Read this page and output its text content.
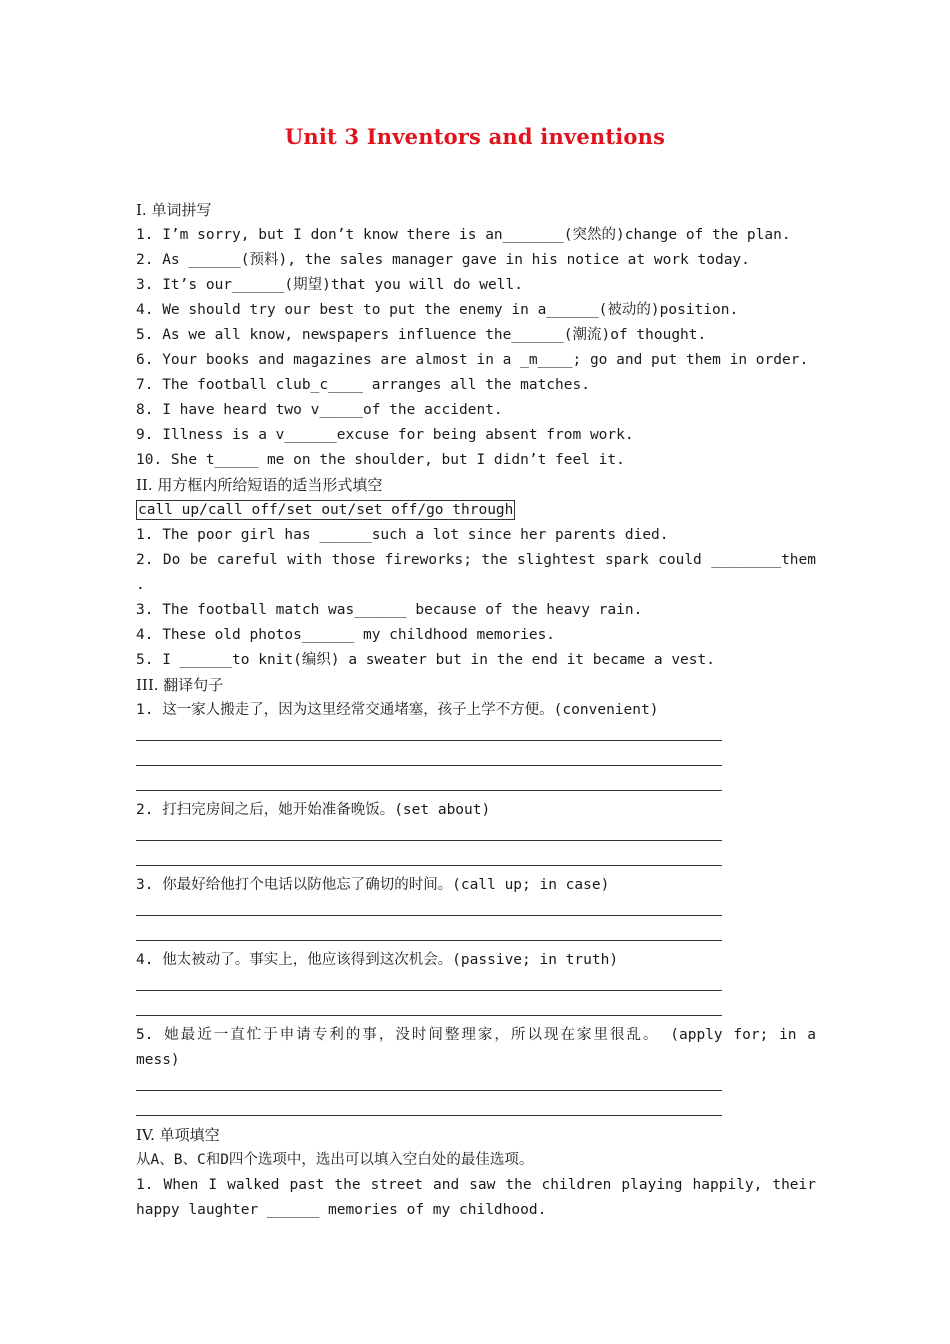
Unit 3 Inventors and inventions
I. 单词拼写
1. I’m sorry, but I don’t know there is an_______(突然的)change of the plan.
2. As ______(预料), the sales manager gave in his notice at work today.
3. It’s our______(期望)that you will do well.
4. We should try our best to put the enemy in a______(被动的)position.
5. As we all know, newspapers influence the______(潮流)of thought.
6. Your books and magazines are almost in a _m____; go and put them in order.
7. The football club_c____ arranges all the matches.
8. I have heard two v_____of the accident.
9. Illness is a v______excuse for being absent from work.
10. She t_____ me on the shoulder, but I didn’t feel it.
II. 用方框内所给短语的适当形式填空
call up/call off/set out/set off/go through
1. The poor girl has ______such a lot since her parents died.
2. Do be careful with those fireworks; the slightest spark could ________them
.
3. The football match was______ because of the heavy rain.
4. These old photos______ my childhood memories.
5. I ______to knit(编织) a sweater but in the end it became a vest.
III. 翻译句子
1. 这一家人搬走了，因为这里经常交通堵塞，孩子上学不方便。(convenient)
2. 打扫完房间之后，她开始准备晚饭。(set about)
3. 你最好给他打个电话以防他忘了确切的时间。(call up; in case)
4. 他太被动了。事实上，他应该得到这次机会。(passive; in truth)
5. 她最近一直忙于申请专利的事，没时间整理家，所以现在家里很乱。 (apply for; in a
mess)
IV. 单项填空
从A、B、C和D四个选项中，选出可以填入空白处的最佳选项。
1. When I walked past the street and saw the children playing happily, their
happy laughter ______ memories of my childhood.
